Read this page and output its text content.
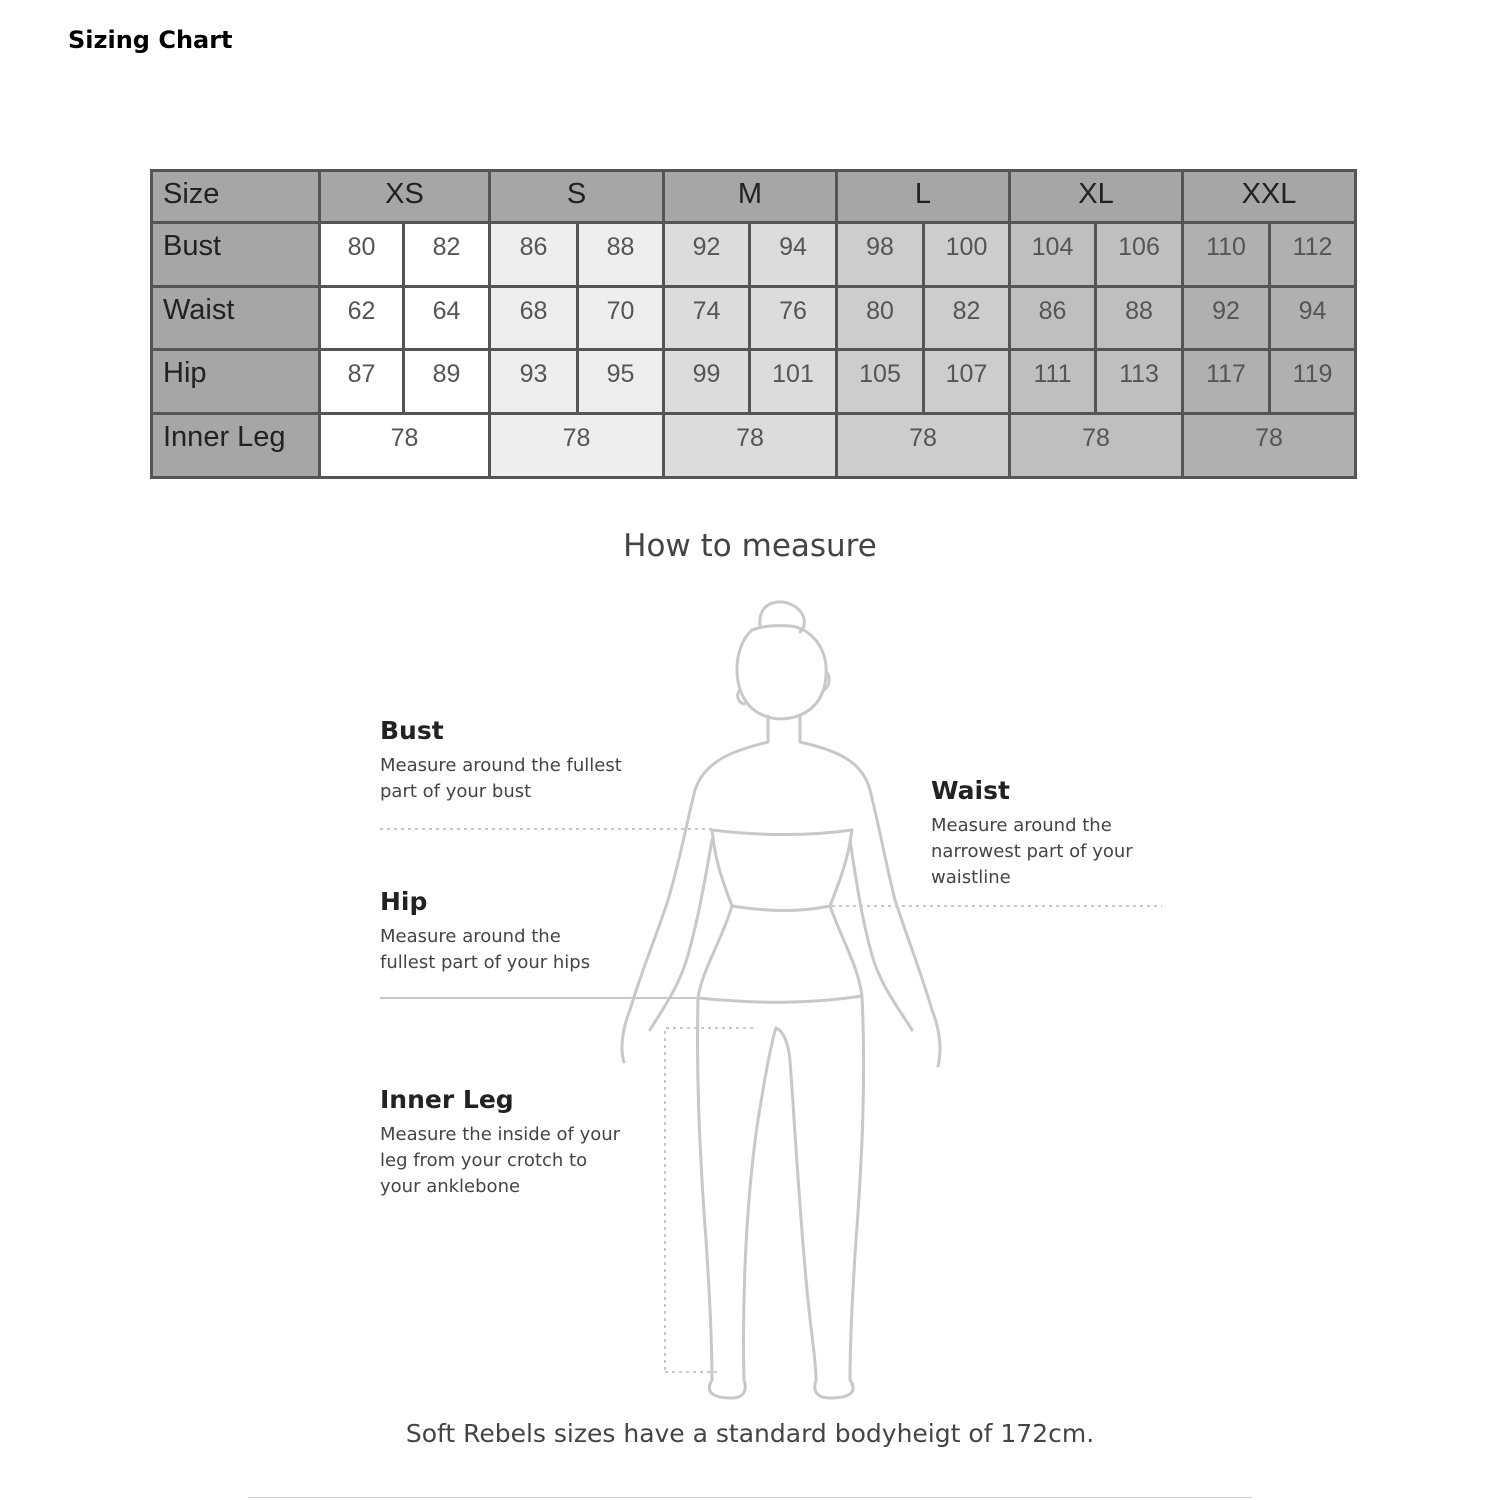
Sizing Chart
Size	XS		S		M		L		XL		XXL	
Bust	80	82	86	88	92	94	98	100	104	106	110	112
Waist	62	64	68	70	74	76	80	82	86	88	92	94
Hip	87	89	93	95	99	101	105	107	111	113	117	119
Inner Leg	78		78		78		78		78		78	
How to measure
Bust

Measure around the fullest
part of your bust	Waist

Measure around the
narrowest part of your
waistline

Hip

Measure around the
fullest part of your hips

Inner Leg

Measure the inside of your
leg from your crotch to
your anklebone

Soft Rebels sizes have a standard bodyheigt of 172cm.
